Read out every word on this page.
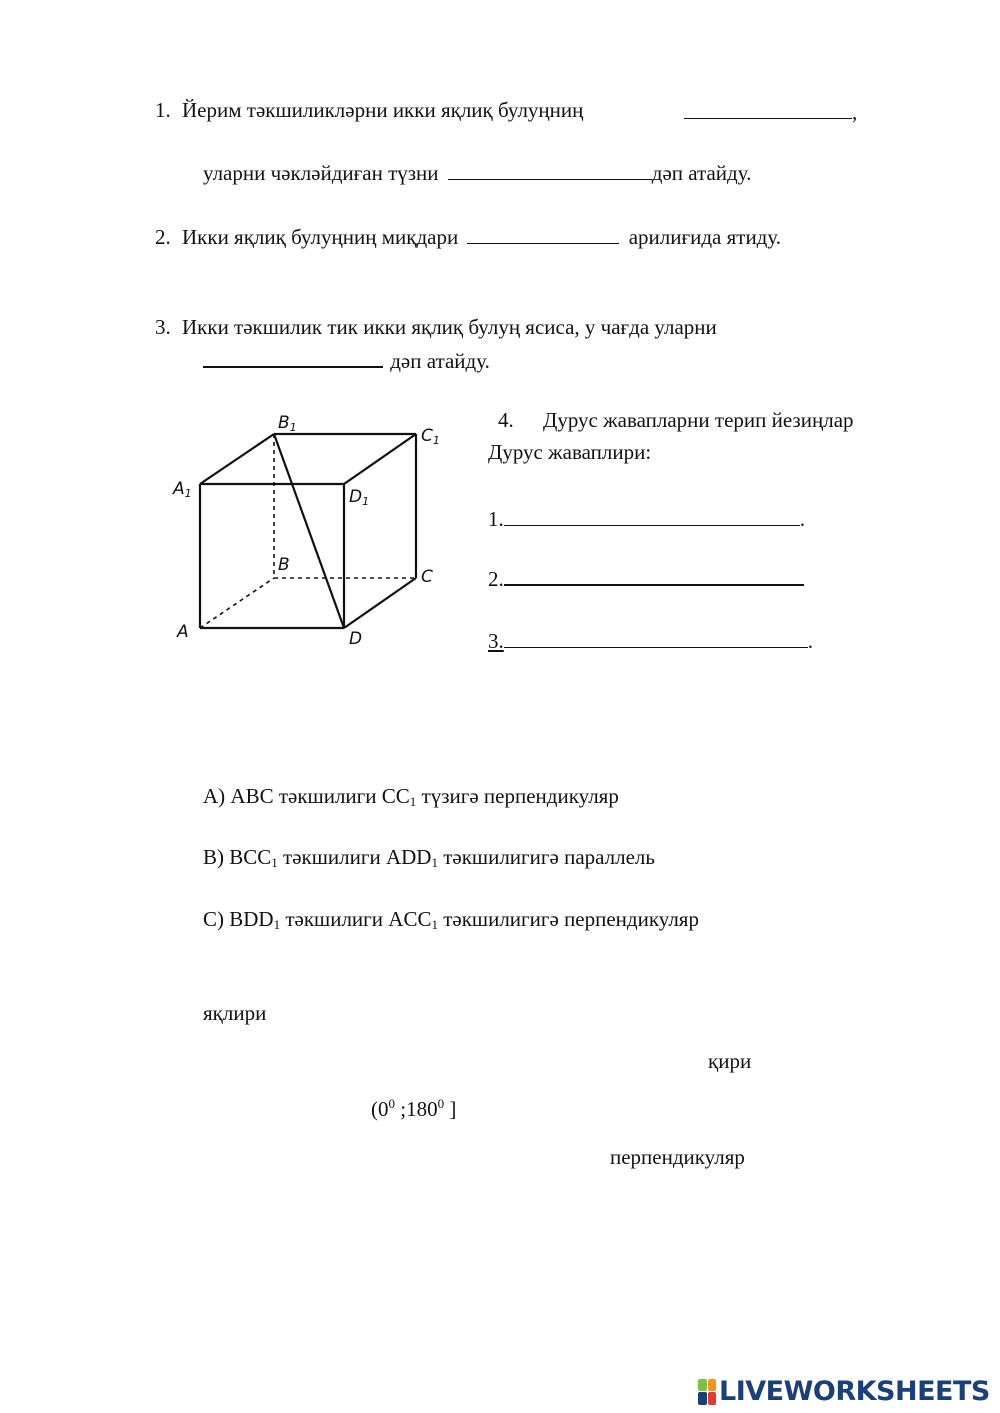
1. Йерим тәкшиликләрни икки яқлиқ булуңниң	,
уларни чәкләйдиған түзни	дәп атайду.
2. Икки яқлиқ булуңниң миқдари	арилиғида ятиду.
3. Икки тәкшилик тик икки яқлиқ булуң ясиса, у чағда уларни
дәп атайду.
B1	C1
A1	D1
B
C
A	D
4. Дурус жавапларни терип йезиңлар
Дурус жаваплири:
1.	.
2.
3.	.
А) ABC тәкшилиги $CC_1$ түзигә перпендикуляр
B) $BCC_1$ тәкшилиги $ADD_1$ тәкшилигигә параллель
C) $BDD_1$ тәкшилиги $ACC_1$ тәкшилигигә перпендикуляр
яқлири
қири
($0^0$ $;180^0$ ]
перпендикуляр
LIVEWORKSHEETS
